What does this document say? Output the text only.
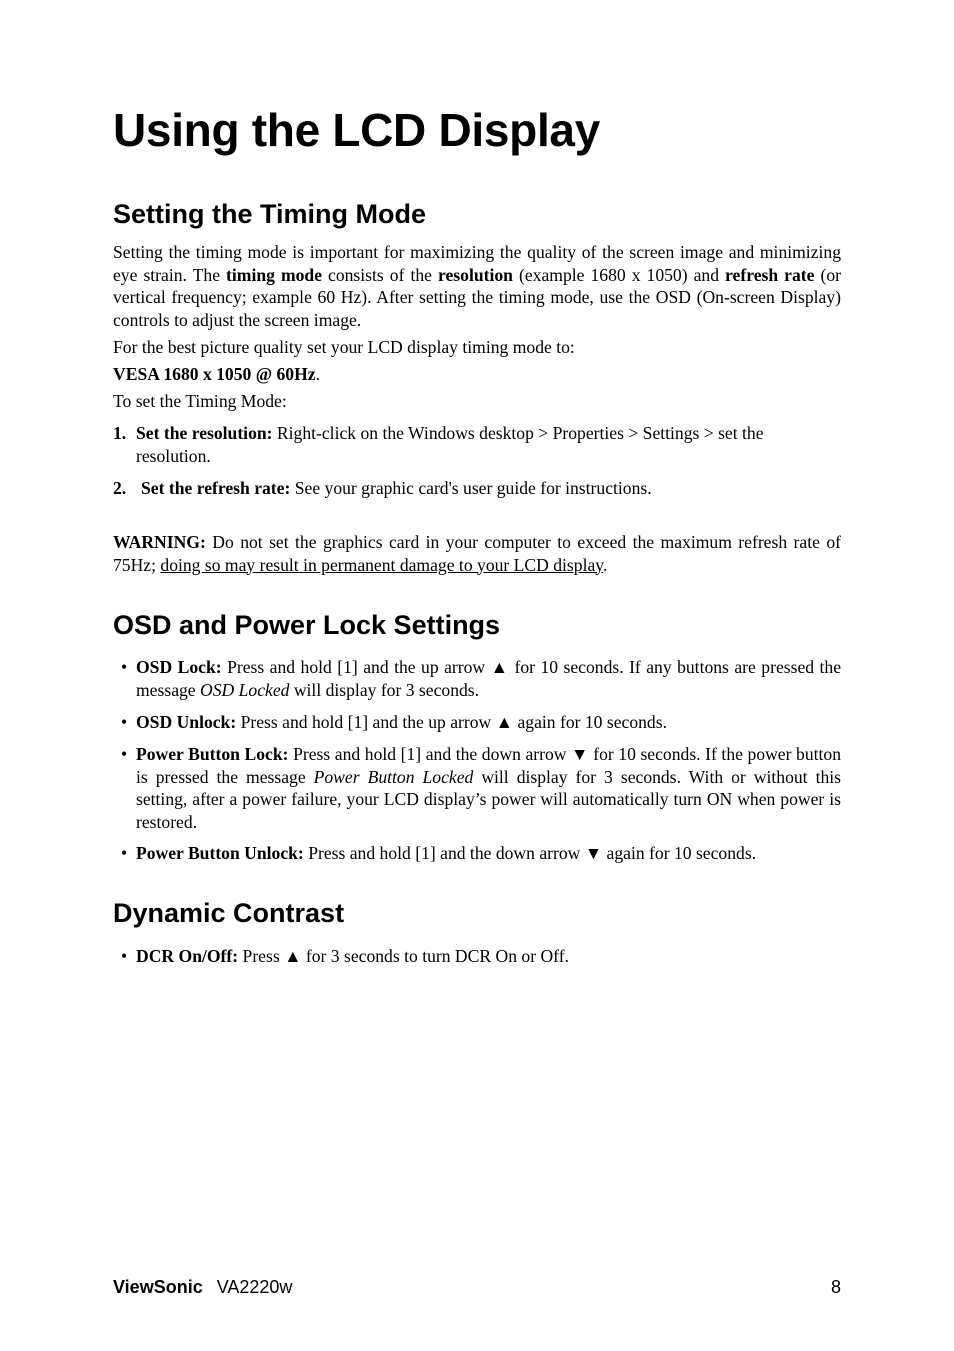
Using the LCD Display
Setting the Timing Mode

Setting the timing mode is important for maximizing the quality of the screen image and minimizing eye strain. The timing mode consists of the resolution (example 1680 x 1050) and refresh rate (or vertical frequency; example 60 Hz). After setting the timing mode, use the OSD (On-screen Display) controls to adjust the screen image.

For the best picture quality set your LCD display timing mode to:

VESA 1680 x 1050 @ 60Hz.

To set the Timing Mode:

1. Set the resolution: Right-click on the Windows desktop > Properties > Settings > set the resolution.
2. Set the refresh rate: See your graphic card's user guide for instructions.

WARNING: Do not set the graphics card in your computer to exceed the maximum refresh rate of 75Hz; doing so may result in permanent damage to your LCD display.

OSD and Power Lock Settings
• OSD Lock: Press and hold [1] and the up arrow ▲ for 10 seconds. If any buttons are pressed the message OSD Locked will display for 3 seconds.
• OSD Unlock: Press and hold [1] and the up arrow ▲ again for 10 seconds.
• Power Button Lock: Press and hold [1] and the down arrow ▼ for 10 seconds. If the power button is pressed the message Power Button Locked will display for 3 seconds. With or without this setting, after a power failure, your LCD display’s power will automatically turn ON when power is restored.
• Power Button Unlock: Press and hold [1] and the down arrow ▼ again for 10 seconds.
Dynamic Contrast
• DCR On/Off: Press ▲ for 3 seconds to turn DCR On or Off.
ViewSonic VA2220w	8
